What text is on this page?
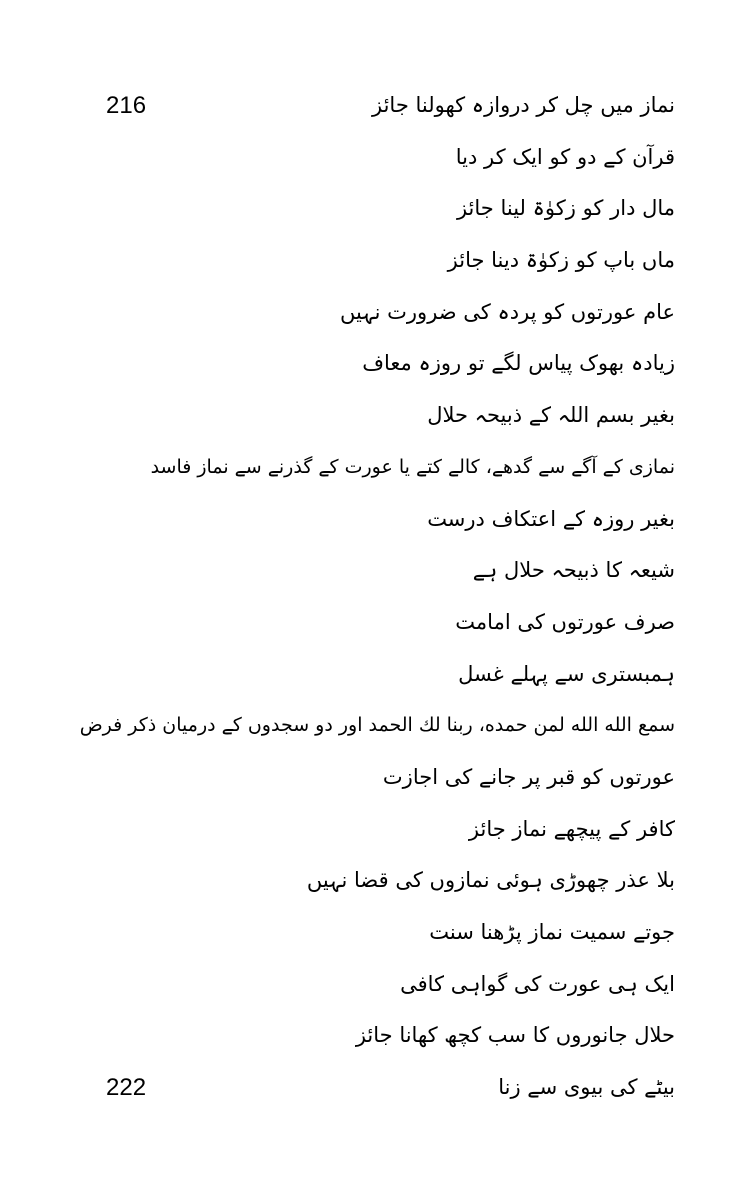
216
222
نماز میں چل کر دروازہ کھولنا جائز
قرآن کے دو کو ایک کر دیا
مال دار کو زکوٰۃ لینا جائز
ماں باپ کو زکوٰۃ دینا جائز
عام عورتوں کو پردہ کی ضرورت نہیں
زیادہ بھوک پیاس لگے تو روزہ معاف
بغیر بسم اللہ کے ذبیحہ حلال
نمازی کے آگے سے گدھے، کالے کتے یا عورت کے گذرنے سے نماز فاسد
بغیر روزہ کے اعتکاف درست
شیعہ کا ذبیحہ حلال ہے
صرف عورتوں کی امامت
ہمبستری سے پہلے غسل
سمع الله الله لمن حمده، ربنا لك الحمد اور دو سجدوں کے درمیان ذکر فرض
عورتوں کو قبر پر جانے کی اجازت
کافر کے پیچھے نماز جائز
بلا عذر چھوڑی ہوئی نمازوں کی قضا نہیں
جوتے سمیت نماز پڑھنا سنت
ایک ہی عورت کی گواہی کافی
حلال جانوروں کا سب کچھ کھانا جائز
بیٹے کی بیوی سے زنا
